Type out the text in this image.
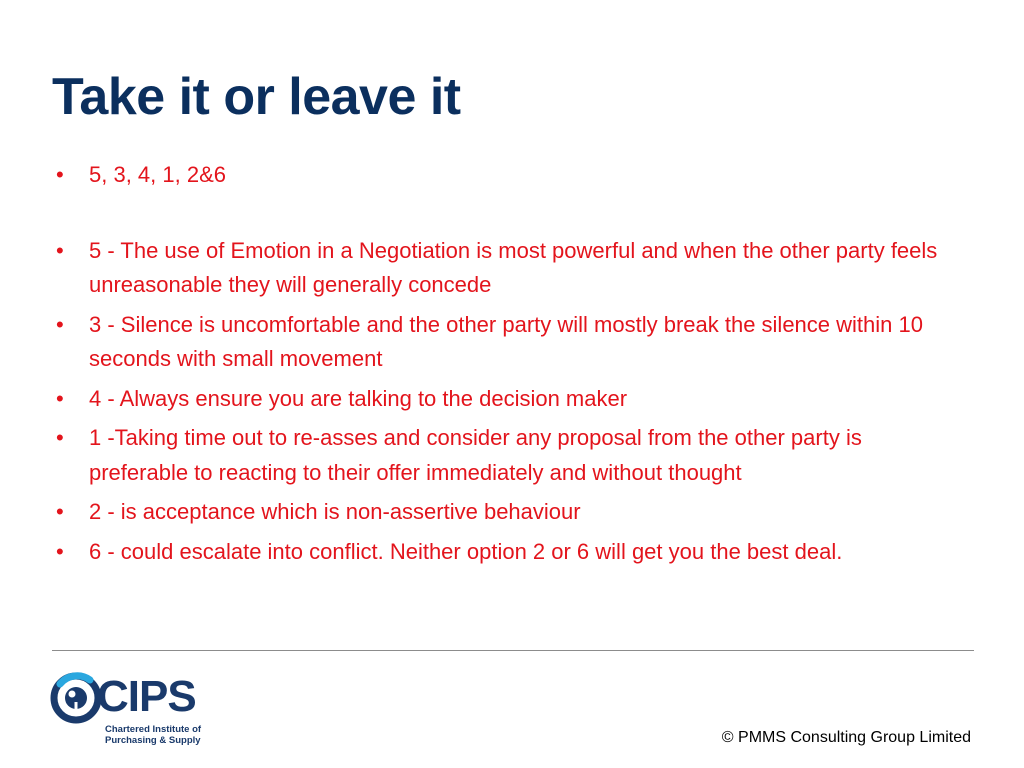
Take it or leave it
•	5, 3, 4, 1, 2&6
•	5 - The use of Emotion in a Negotiation is most powerful and when the other party feels unreasonable they will generally concede
•	3 - Silence is uncomfortable and the other party will mostly break the silence within 10 seconds with small movement
•	4 - Always ensure you are talking to the decision maker
•	1 -Taking time out to re-asses and consider any proposal from the other party is preferable to reacting to their offer immediately and without thought
•	2 - is acceptance which is non-assertive behaviour
•	6 - could escalate into conflict. Neither option 2 or 6 will get you the best deal.
CIPS
Chartered Institute of
Purchasing & Supply	© PMMS Consulting Group Limited
